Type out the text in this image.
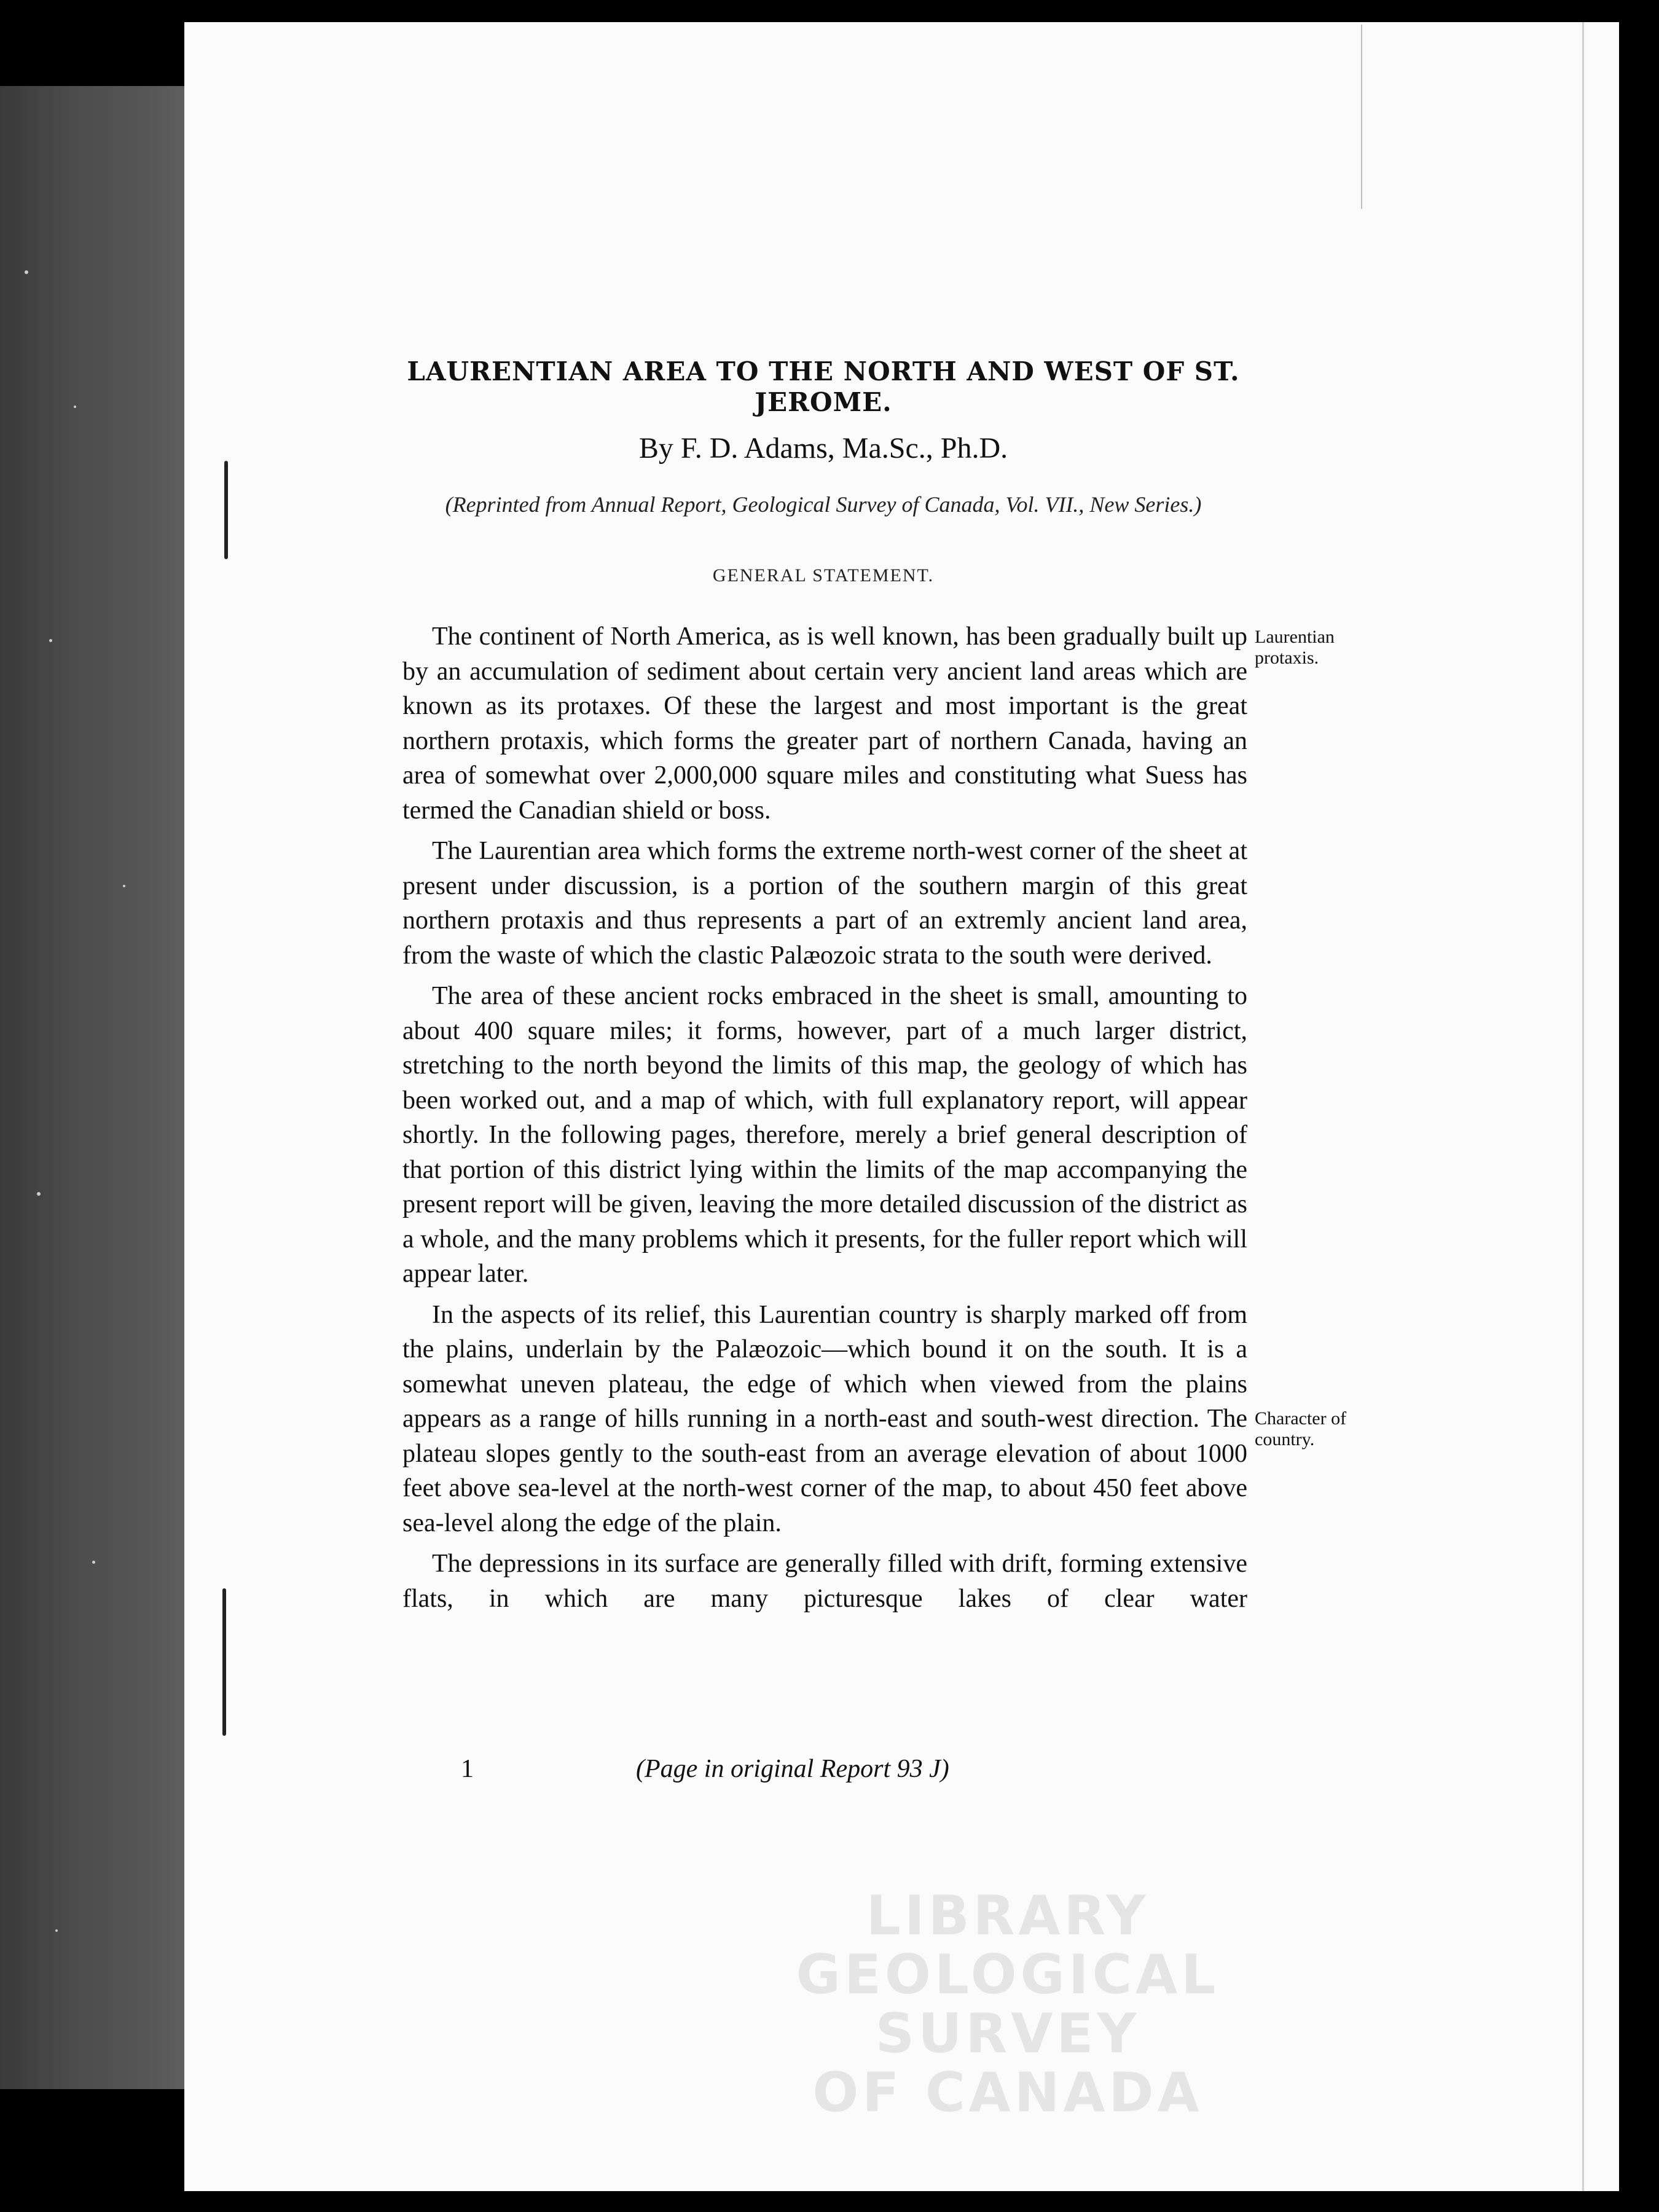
LAURENTIAN AREA TO THE NORTH AND WEST OF ST. JEROME.
By F. D. Adams, Ma.Sc., Ph.D.
(Reprinted from Annual Report, Geological Survey of Canada, Vol. VII., New Series.)
GENERAL STATEMENT.

The continent of North America, as is well known, has been gradually built up by an accumulation of sediment about certain very ancient land areas which are known as its protaxes. Of these the largest and most important is the great northern protaxis, which forms the greater part of northern Canada, having an area of somewhat over 2,000,000 square miles and constituting what Suess has termed the Canadian shield or boss.

The Laurentian area which forms the extreme north-west corner of the sheet at present under discussion, is a portion of the southern margin of this great northern protaxis and thus represents a part of an extremly ancient land area, from the waste of which the clastic Palæozoic strata to the south were derived.

The area of these ancient rocks embraced in the sheet is small, amounting to about 400 square miles; it forms, however, part of a much larger district, stretching to the north beyond the limits of this map, the geology of which has been worked out, and a map of which, with full explanatory report, will appear shortly. In the following pages, therefore, merely a brief general description of that portion of this district lying within the limits of the map accompanying the present report will be given, leaving the more detailed discussion of the district as a whole, and the many problems which it presents, for the fuller report which will appear later.

In the aspects of its relief, this Laurentian country is sharply marked off from the plains, underlain by the Palæozoic—which bound it on the south. It is a somewhat uneven plateau, the edge of which when viewed from the plains appears as a range of hills running in a north-east and south-west direction. The plateau slopes gently to the south-east from an average elevation of about 1000 feet above sea-level at the north-west corner of the map, to about 450 feet above sea-level along the edge of the plain.

The depressions in its surface are generally filled with drift, forming extensive flats, in which are many picturesque lakes of clear water

Laurentian protaxis.
Character of country.
1	(Page in original Report 93 J)
LIBRARY
GEOLOGICAL SURVEY
OF CANADA
